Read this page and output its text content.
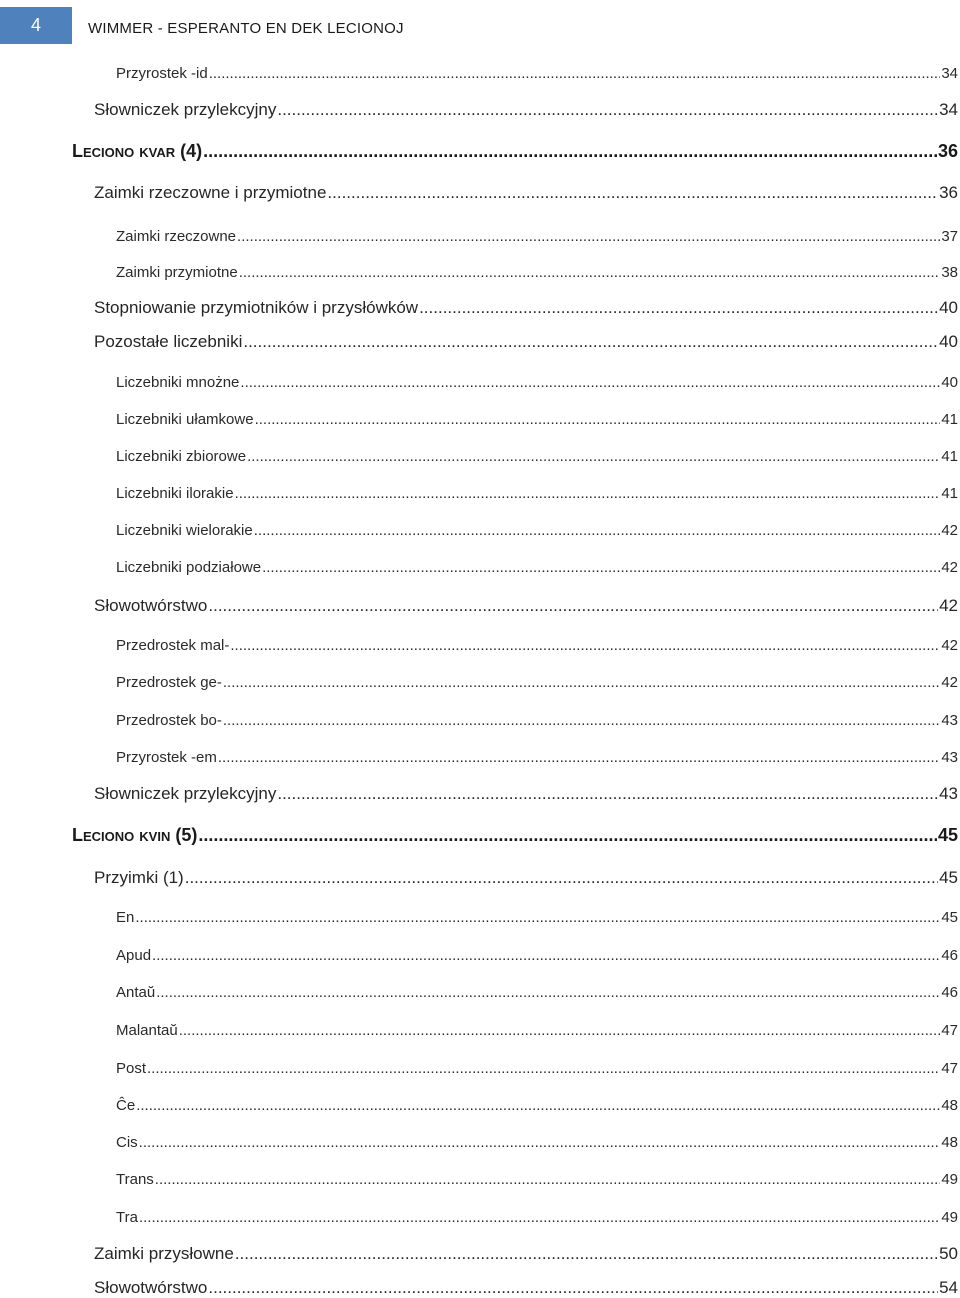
4	WIMMER - ESPERANTO EN DEK LECIONOJ
Przyrostek -id .....	34
Słowniczek przylekcyjny .....	34
Leciono kvar (4) .....	36
Zaimki rzeczowne i przymiotne .....	36
Zaimki rzeczowne .....	37
Zaimki przymiotne .....	38
Stopniowanie przymiotników i przysłówków .....	40
Pozostałe liczebniki .....	40
Liczebniki mnożne .....	40
Liczebniki ułamkowe .....	41
Liczebniki zbiorowe .....	41
Liczebniki ilorakie .....	41
Liczebniki wielorakie .....	42
Liczebniki podziałowe .....	42
Słowotwórstwo .....	42
Przedrostek mal- .....	42
Przedrostek ge- .....	42
Przedrostek bo- .....	43
Przyrostek -em .....	43
Słowniczek przylekcyjny .....	43
Leciono kvin (5) .....	45
Przyimki (1) .....	45
En .....	45
Apud .....	46
Antaŭ .....	46
Malantaŭ .....	47
Post .....	47
Ĉe .....	48
Cis .....	48
Trans .....	49
Tra .....	49
Zaimki przysłowne .....	50
Słowotwórstwo .....	54
